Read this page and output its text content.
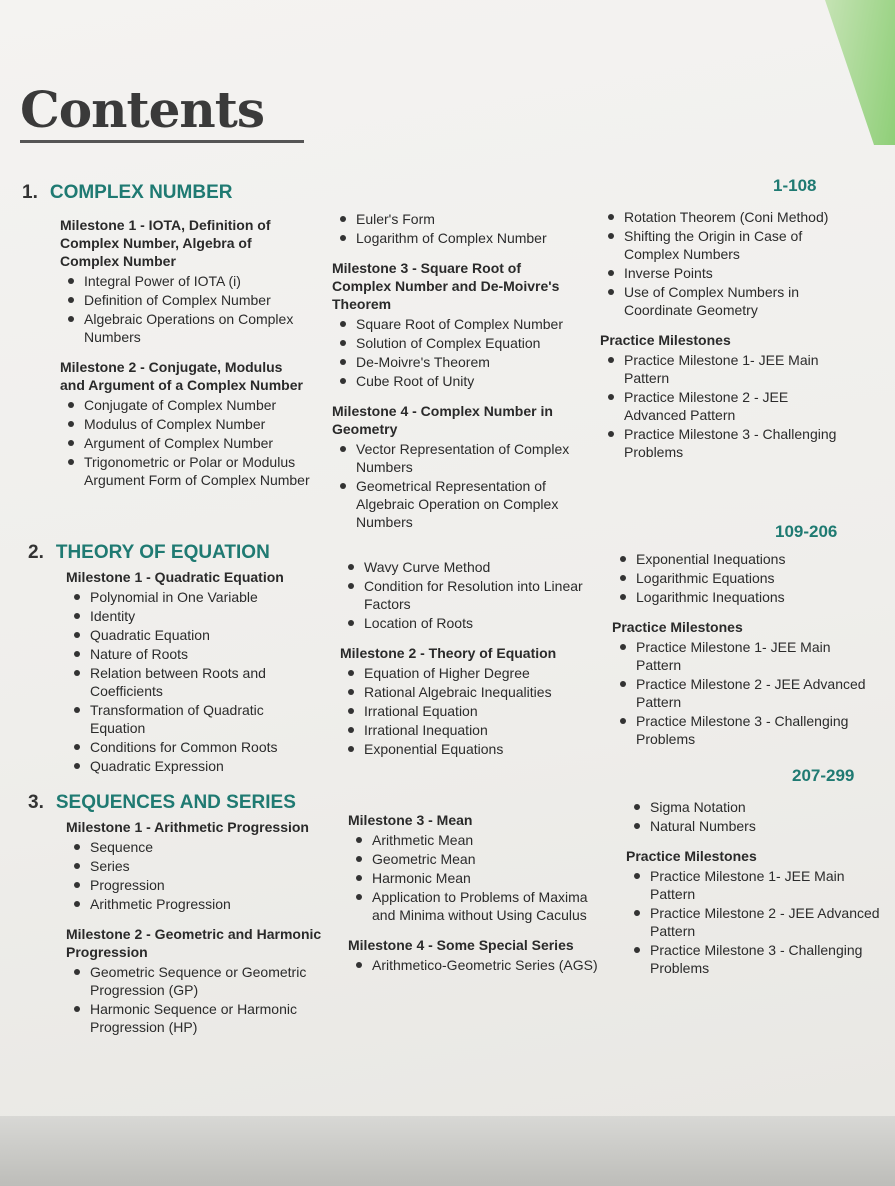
Contents
1. COMPLEX NUMBER	1-108
Milestone 1 - IOTA, Definition of Complex Number, Algebra of Complex Number
Integral Power of IOTA (i)
Definition of Complex Number
Algebraic Operations on Complex Numbers
Milestone 2 - Conjugate, Modulus and Argument of a Complex Number
Conjugate of Complex Number
Modulus of Complex Number
Argument of Complex Number
Trigonometric or Polar or Modulus Argument Form of Complex Number
Euler's Form
Logarithm of Complex Number
Milestone 3 - Square Root of Complex Number and De-Moivre's Theorem
Square Root of Complex Number
Solution of Complex Equation
De-Moivre's Theorem
Cube Root of Unity
Milestone 4 - Complex Number in Geometry
Vector Representation of Complex Numbers
Geometrical Representation of Algebraic Operation on Complex Numbers
Rotation Theorem (Coni Method)
Shifting the Origin in Case of Complex Numbers
Inverse Points
Use of Complex Numbers in Coordinate Geometry
Practice Milestones
Practice Milestone 1- JEE Main Pattern
Practice Milestone 2 - JEE Advanced Pattern
Practice Milestone 3 - Challenging Problems
2. THEORY OF EQUATION
109-206
Milestone 1 - Quadratic Equation
Polynomial in One Variable
Identity
Quadratic Equation
Nature of Roots
Relation between Roots and Coefficients
Transformation of Quadratic Equation
Conditions for Common Roots
Quadratic Expression
Wavy Curve Method
Condition for Resolution into Linear Factors
Location of Roots
Milestone 2 - Theory of Equation
Equation of Higher Degree
Rational Algebraic Inequalities
Irrational Equation
Irrational Inequation
Exponential Equations
Exponential Inequations
Logarithmic Equations
Logarithmic Inequations
Practice Milestones
Practice Milestone 1- JEE Main Pattern
Practice Milestone 2 - JEE Advanced Pattern
Practice Milestone 3 - Challenging Problems
3. SEQUENCES AND SERIES
207-299
Milestone 1 - Arithmetic Progression
Sequence
Series
Progression
Arithmetic Progression
Milestone 2 - Geometric and Harmonic Progression
Geometric Sequence or Geometric Progression (GP)
Harmonic Sequence or Harmonic Progression (HP)
Milestone 3 - Mean
Arithmetic Mean
Geometric Mean
Harmonic Mean
Application to Problems of Maxima and Minima without Using Caculus
Milestone 4 - Some Special Series
Arithmetico-Geometric Series (AGS)
Sigma Notation
Natural Numbers
Practice Milestones
Practice Milestone 1- JEE Main Pattern
Practice Milestone 2 - JEE Advanced Pattern
Practice Milestone 3 - Challenging Problems
